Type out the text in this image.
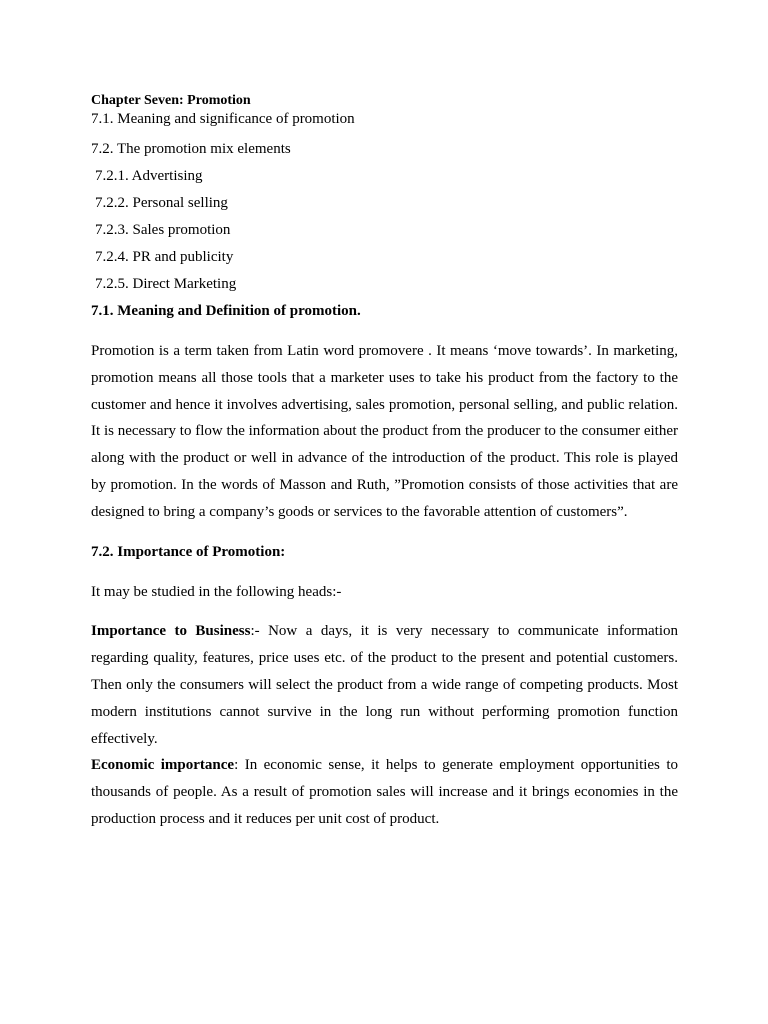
Chapter Seven: Promotion

7.1. Meaning and significance of promotion

7.2. The promotion mix elements

7.2.1. Advertising

7.2.2. Personal selling

7.2.3. Sales promotion

7.2.4. PR and publicity

7.2.5. Direct Marketing

7.1. Meaning and Definition of promotion.

Promotion is a term taken from Latin word promovere . It means ‘move towards’. In marketing, promotion means all those tools that a marketer uses to take his product from the factory to the customer and hence it involves advertising, sales promotion, personal selling, and public relation. It is necessary to flow the information about the product from the producer to the consumer either along with the product or well in advance of the introduction of the product. This role is played by promotion. In the words of Masson and Ruth, ”Promotion consists of those activities that are designed to bring a company’s goods or services to the favorable attention of customers”.

7.2. Importance of Promotion:

It may be studied in the following heads:-

Importance to Business:- Now a days, it is very necessary to communicate information regarding quality, features, price uses etc. of the product to the present and potential customers. Then only the consumers will select the product from a wide range of competing products. Most modern institutions cannot survive in the long run without performing promotion function effectively.

Economic importance: In economic sense, it helps to generate employment opportunities to thousands of people. As a result of promotion sales will increase and it brings economies in the production process and it reduces per unit cost of product.
